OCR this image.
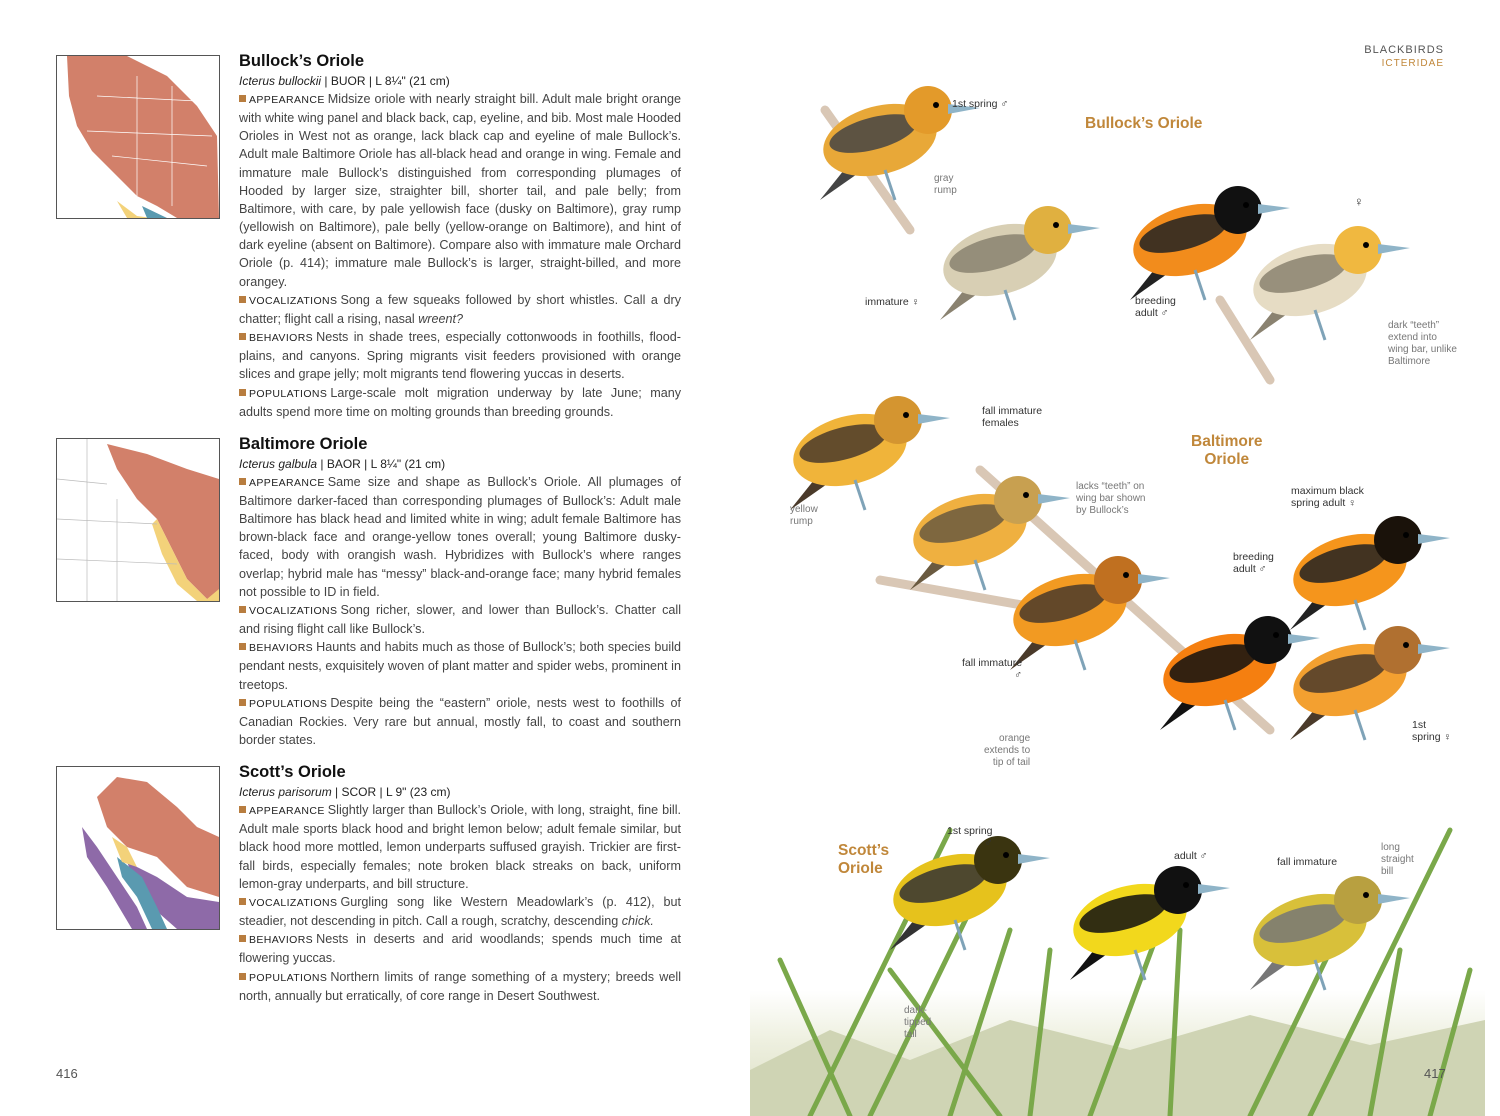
Bullock’s Oriole
Icterus bullockii | BUOR | L 8¼" (21 cm)

APPEARANCE Midsize oriole with nearly straight bill. Adult male bright orange with white wing panel and black back, cap, eyeline, and bib. Most male Hooded Orioles in West not as orange, lack black cap and eyeline of male Bullock’s. Adult male Baltimore Oriole has all-black head and orange in wing. Female and immature male Bullock’s distinguished from corresponding plumages of Hooded by larger size, straighter bill, shorter tail, and pale belly; from Baltimore, with care, by pale yellowish face (dusky on Baltimore), gray rump (yellowish on Baltimore), pale belly (yellow-orange on Baltimore), and hint of dark eyeline (absent on Baltimore). Compare also with immature male Orchard Oriole (p. 414); immature male Bullock’s is larger, straight-billed, and more orangey.

VOCALIZATIONS Song a few squeaks followed by short whistles. Call a dry chatter; flight call a rising, nasal wreent?

BEHAVIORS Nests in shade trees, especially cottonwoods in foothills, floodplains, and canyons. Spring migrants visit feeders provisioned with orange slices and grape jelly; molt migrants tend flowering yuccas in deserts.

POPULATIONS Large-scale molt migration underway by late June; many adults spend more time on molting grounds than breeding grounds.

Baltimore Oriole
Icterus galbula | BAOR | L 8¼" (21 cm)

APPEARANCE Same size and shape as Bullock’s Oriole. All plumages of Baltimore darker-faced than corresponding plumages of Bullock’s: Adult male Baltimore has black head and limited white in wing; adult female Baltimore has brown-black face and orange-yellow tones overall; young Baltimore dusky-faced, body with orangish wash. Hybridizes with Bullock’s where ranges overlap; hybrid male has “messy” black-and-orange face; many hybrid females not possible to ID in field.

VOCALIZATIONS Song richer, slower, and lower than Bullock’s. Chatter call and rising flight call like Bullock’s.

BEHAVIORS Haunts and habits much as those of Bullock’s; both species build pendant nests, exquisitely woven of plant matter and spider webs, prominent in treetops.

POPULATIONS Despite being the “eastern” oriole, nests west to foothills of Canadian Rockies. Very rare but annual, mostly fall, to coast and southern border states.

Scott’s Oriole
Icterus parisorum | SCOR | L 9" (23 cm)

APPEARANCE Slightly larger than Bullock’s Oriole, with long, straight, fine bill. Adult male sports black hood and bright lemon below; adult female similar, but black hood more mottled, lemon underparts suffused grayish. Trickier are first-fall birds, especially females; note broken black streaks on back, uniform lemon-gray underparts, and bill structure.

VOCALIZATIONS Gurgling song like Western Meadowlark’s (p. 412), but steadier, not descending in pitch. Call a rough, scratchy, descending chick.

BEHAVIORS Nests in deserts and arid woodlands; spends much time at flowering yuccas.

POPULATIONS Northern limits of range something of a mystery; breeds well north, annually but erratically, of core range in Desert Southwest.

416
BLACKBIRDS
ICTERIDAE
Bullock’s Oriole
Baltimore
Oriole
Scott’s
Oriole
1st spring ♂
gray
rump
immature ♀	breeding
adult ♂
♀
dark “teeth”
extend into
wing bar, unlike
Baltimore
fall immature
females
lacks “teeth” on
wing bar shown
by Bullock’s
yellow
rump
maximum black
spring adult ♀
breeding
adult ♂
fall immature
♂
orange
extends to
tip of tail
1st
spring ♀
1st spring
♂
adult ♂	fall immature
long
straight
bill
dark-
tipped
tail
417
